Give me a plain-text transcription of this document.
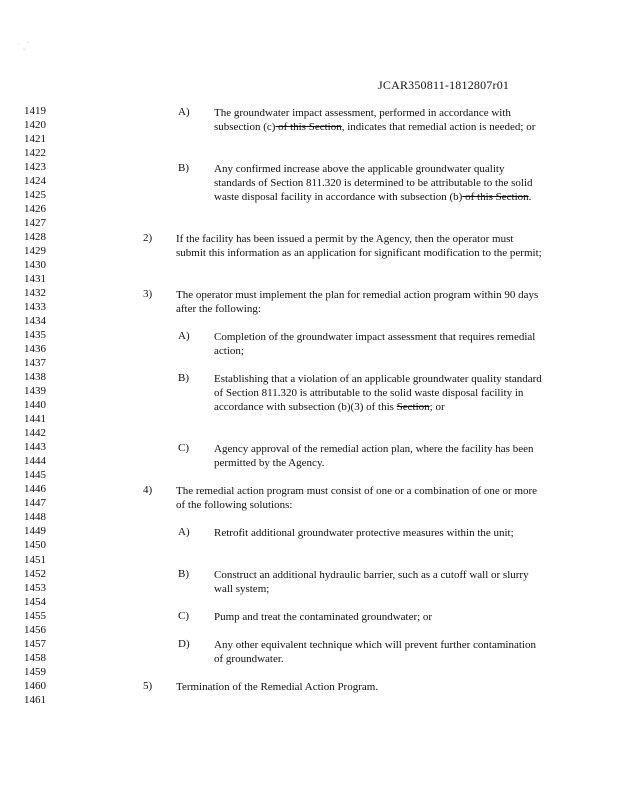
˙ ˏ ˊ
JCAR350811-1812807r01
1419
1420
1421
1422
1423
1424
1425
1426
1427
1428
1429
1430
1431
1432
1433
1434
1435
1436
1437
1438
1439
1440
1441
1442
1443
1444
1445
1446
1447
1448
1449
1450
1451
1452
1453
1454
1455
1456
1457
1458
1459
1460
1461
A) The groundwater impact assessment, performed in accordance with subsection (c) of this Section, indicates that remedial action is needed; or
B) Any confirmed increase above the applicable groundwater quality standards of Section 811.320 is determined to be attributable to the solid waste disposal facility in accordance with subsection (b) of this Section.
2) If the facility has been issued a permit by the Agency, then the operator must submit this information as an application for significant modification to the permit;
3) The operator must implement the plan for remedial action program within 90 days after the following:
A) Completion of the groundwater impact assessment that requires remedial action;
B) Establishing that a violation of an applicable groundwater quality standard of Section 811.320 is attributable to the solid waste disposal facility in accordance with subsection (b)(3) of this Section; or
C) Agency approval of the remedial action plan, where the facility has been permitted by the Agency.
4) The remedial action program must consist of one or a combination of one or more of the following solutions:
A) Retrofit additional groundwater protective measures within the unit;
B) Construct an additional hydraulic barrier, such as a cutoff wall or slurry wall system;
C) Pump and treat the contaminated groundwater; or
D) Any other equivalent technique which will prevent further contamination of groundwater.
5) Termination of the Remedial Action Program.
